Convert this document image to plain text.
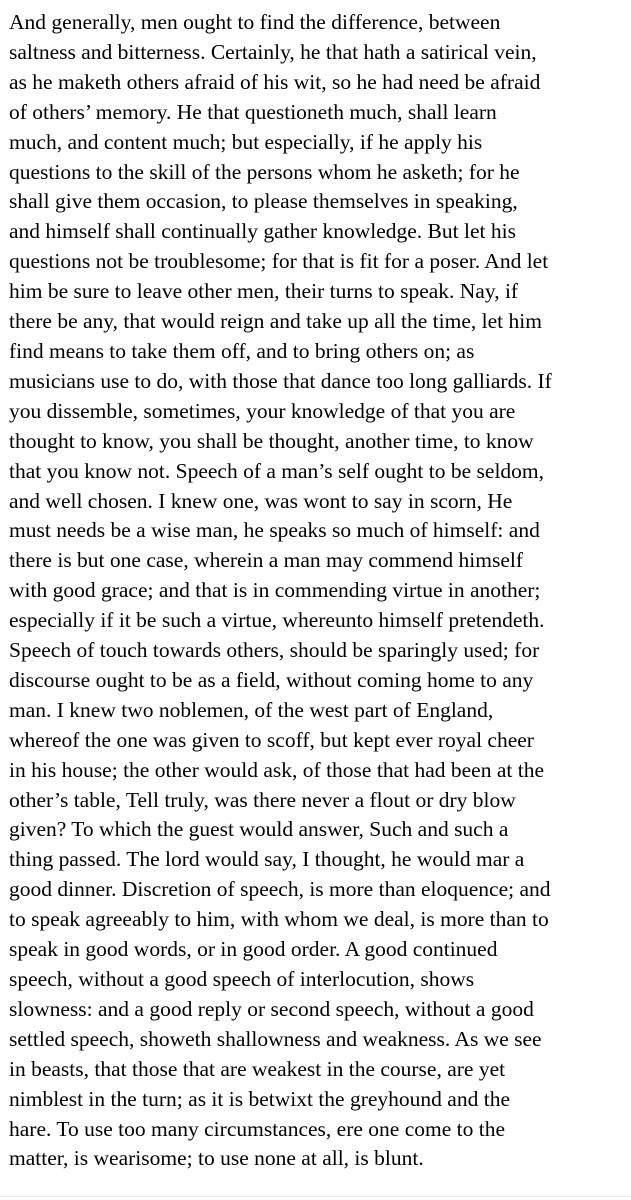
And generally, men ought to find the difference, between
saltness and bitterness. Certainly, he that hath a satirical vein,
as he maketh others afraid of his wit, so he had need be afraid
of others’ memory. He that questioneth much, shall learn
much, and content much; but especially, if he apply his
questions to the skill of the persons whom he asketh; for he
shall give them occasion, to please themselves in speaking,
and himself shall continually gather knowledge. But let his
questions not be troublesome; for that is fit for a poser. And let
him be sure to leave other men, their turns to speak. Nay, if
there be any, that would reign and take up all the time, let him
find means to take them off, and to bring others on; as
musicians use to do, with those that dance too long galliards. If
you dissemble, sometimes, your knowledge of that you are
thought to know, you shall be thought, another time, to know
that you know not. Speech of a man’s self ought to be seldom,
and well chosen. I knew one, was wont to say in scorn, He
must needs be a wise man, he speaks so much of himself: and
there is but one case, wherein a man may commend himself
with good grace; and that is in commending virtue in another;
especially if it be such a virtue, whereunto himself pretendeth.
Speech of touch towards others, should be sparingly used; for
discourse ought to be as a field, without coming home to any
man. I knew two noblemen, of the west part of England,
whereof the one was given to scoff, but kept ever royal cheer
in his house; the other would ask, of those that had been at the
other’s table, Tell truly, was there never a flout or dry blow
given? To which the guest would answer, Such and such a
thing passed. The lord would say, I thought, he would mar a
good dinner. Discretion of speech, is more than eloquence; and
to speak agreeably to him, with whom we deal, is more than to
speak in good words, or in good order. A good continued
speech, without a good speech of interlocution, shows
slowness: and a good reply or second speech, without a good
settled speech, showeth shallowness and weakness. As we see
in beasts, that those that are weakest in the course, are yet
nimblest in the turn; as it is betwixt the greyhound and the
hare. To use too many circumstances, ere one come to the
matter, is wearisome; to use none at all, is blunt.
